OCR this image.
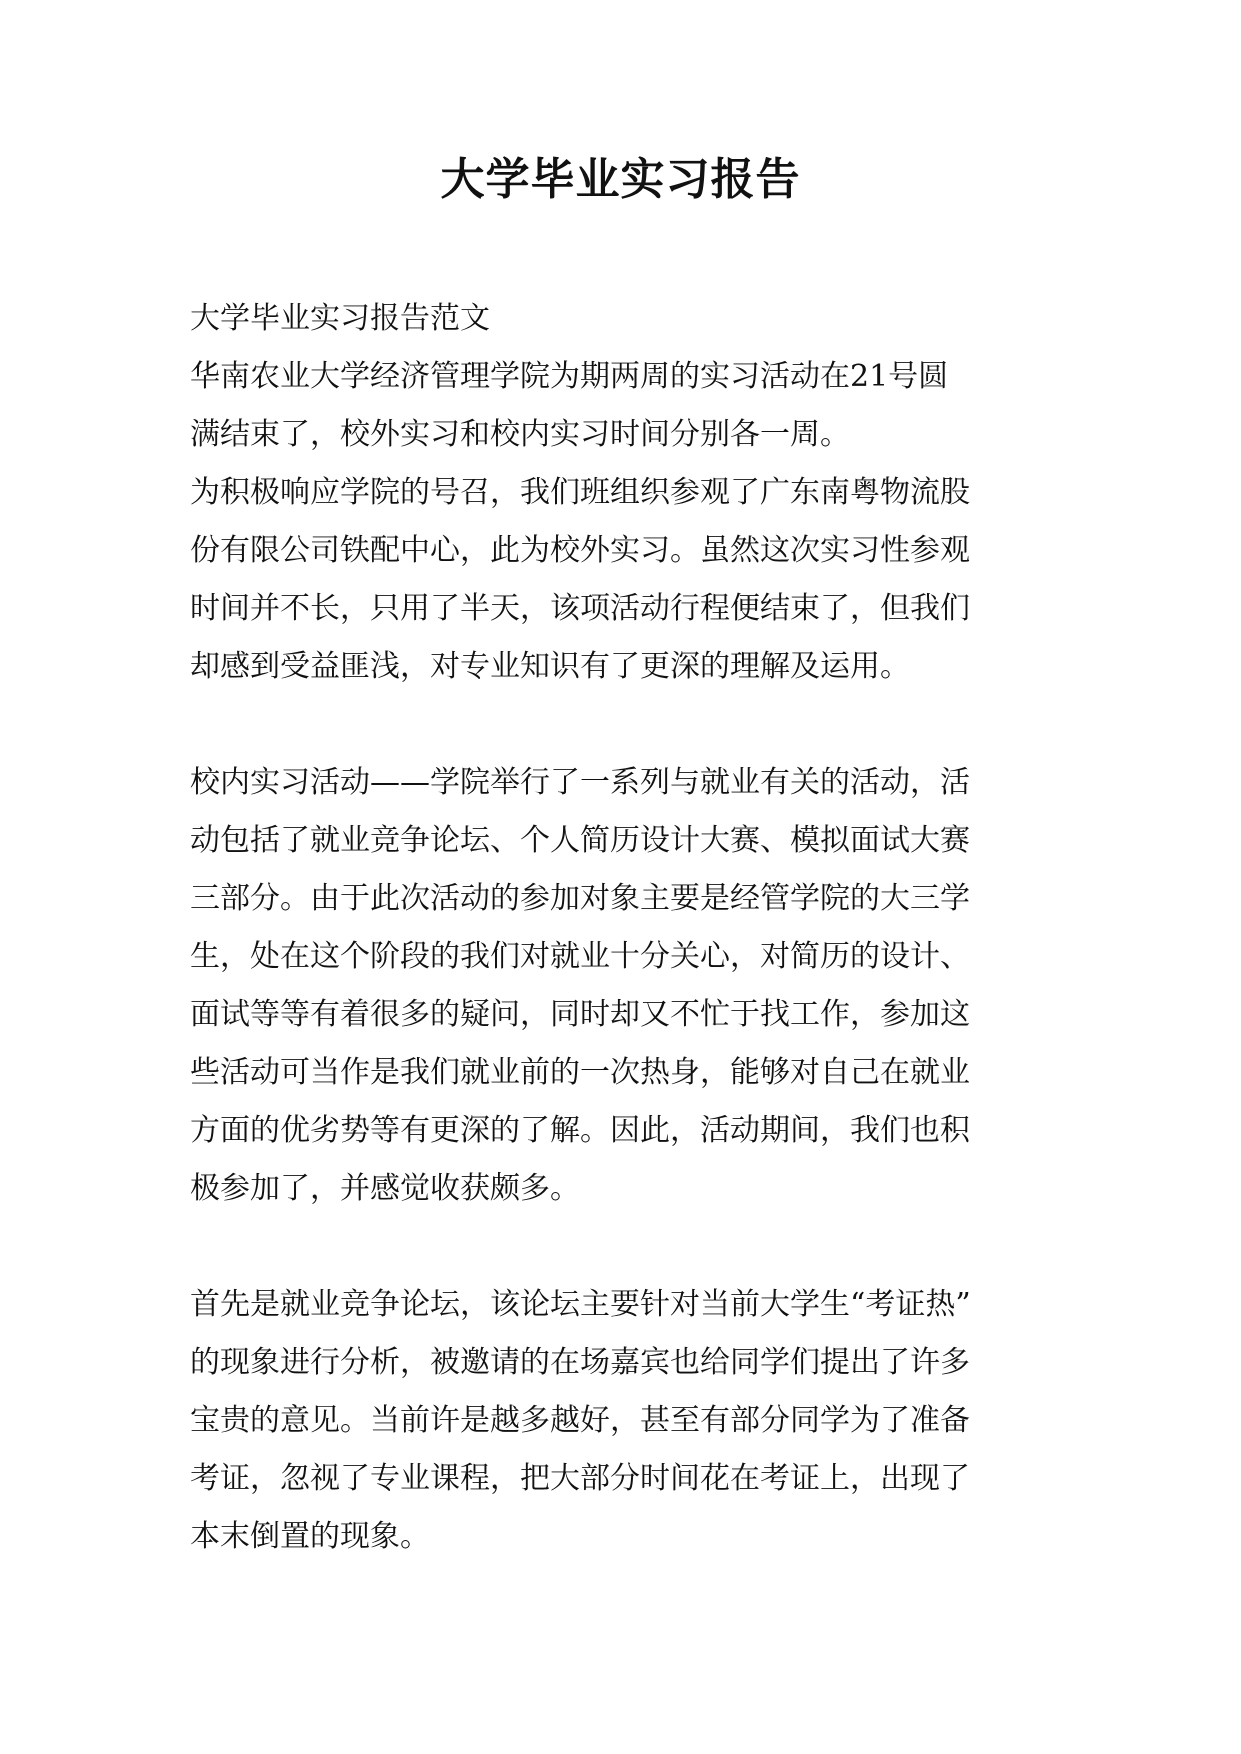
大学毕业实习报告
大学毕业实习报告范文
华南农业大学经济管理学院为期两周的实习活动在21号圆
满结束了，校外实习和校内实习时间分别各一周。
为积极响应学院的号召，我们班组织参观了广东南粤物流股
份有限公司铁配中心，此为校外实习。虽然这次实习性参观
时间并不长，只用了半天，该项活动行程便结束了，但我们
却感到受益匪浅，对专业知识有了更深的理解及运用。
校内实习活动——学院举行了一系列与就业有关的活动，活
动包括了就业竞争论坛、个人简历设计大赛、模拟面试大赛
三部分。由于此次活动的参加对象主要是经管学院的大三学
生，处在这个阶段的我们对就业十分关心，对简历的设计、
面试等等有着很多的疑问，同时却又不忙于找工作，参加这
些活动可当作是我们就业前的一次热身，能够对自己在就业
方面的优劣势等有更深的了解。因此，活动期间，我们也积
极参加了，并感觉收获颇多。
首先是就业竞争论坛，该论坛主要针对当前大学生“考证热”
的现象进行分析，被邀请的在场嘉宾也给同学们提出了许多
宝贵的意见。当前许是越多越好，甚至有部分同学为了准备
考证，忽视了专业课程，把大部分时间花在考证上，出现了
本末倒置的现象。
